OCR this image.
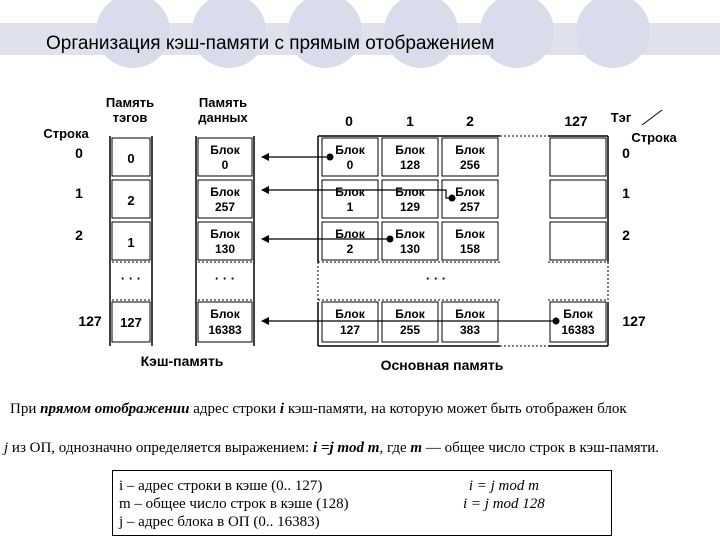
Организация кэш-памяти с прямым отображением
Память
тэгов
Память
данных
Строка
Тэг
Строка
0	1	2	127
0
1
2
127
0
1
2
127
0
2
1
127
· · ·
Блок
0
Блок
257
Блок
130
Блок
16383
· · ·
Блок
0
Блок
128
Блок
256
Блок
1
Блок
129
Блок
257
Блок
2
Блок
130
Блок
158
Блок
127
Блок
255
Блок
383
Блок
16383
· · ·
Кэш-память	Основная память
При прямом отображении адрес строки i кэш-памяти, на которую может быть отображен блок
j из ОП, однозначно определяется выражением: i =j mod m, где m — общее число строк в кэш-памяти.
i – адрес строки в кэше (0.. 127)
m – общее число строк в кэше (128)
j – адрес блока в ОП (0.. 16383)
i = j mod m
i = j mod 128
